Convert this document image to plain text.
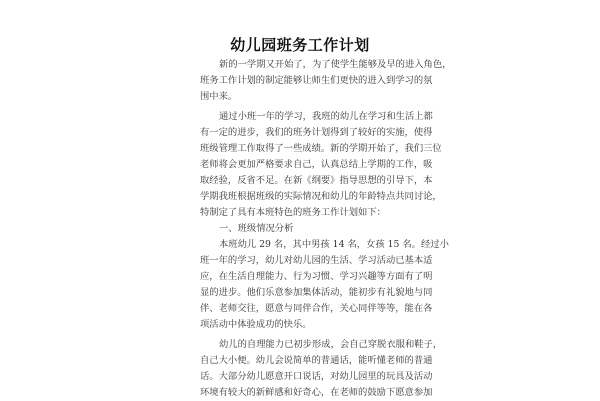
幼儿园班务工作计划
新的一学期又开始了，为了使学生能够及早的进入角色，
班务工作计划的制定能够让师生们更快的进入到学习的氛
围中来。
通过小班一年的学习，我班的幼儿在学习和生活上都
有一定的进步，我们的班务计划得到了较好的实施，使得
班级管理工作取得了一些成绩。新的学期开始了，我们三位
老师将会更加严格要求自己，认真总结上学期的工作，吸
取经验，反省不足。在新《纲要》指导思想的引导下，本
学期我班根据班级的实际情况和幼儿的年龄特点共同讨论，
特制定了具有本班特色的班务工作计划如下：
一、班级情况分析
本班幼儿 29 名，其中男孩 14 名，女孩 15 名。经过小
班一年的学习，幼儿对幼儿园的生活、学习活动已基本适
应，在生活自理能力、行为习惯、学习兴趣等方面有了明
显的进步。他们乐意参加集体活动，能初步有礼貌地与同
伴、老师交往，愿意与同伴合作，关心同伴等等，能在各
项活动中体验成功的快乐。
幼儿的自理能力已初步形成，会自己穿脱衣服和鞋子，
自己大小便。幼儿会说简单的普通话，能听懂老师的普通
话。大部分幼儿愿意开口说话，对幼儿园里的玩具及活动
环境有较大的新鲜感和好奇心，在老师的鼓励下愿意参加
